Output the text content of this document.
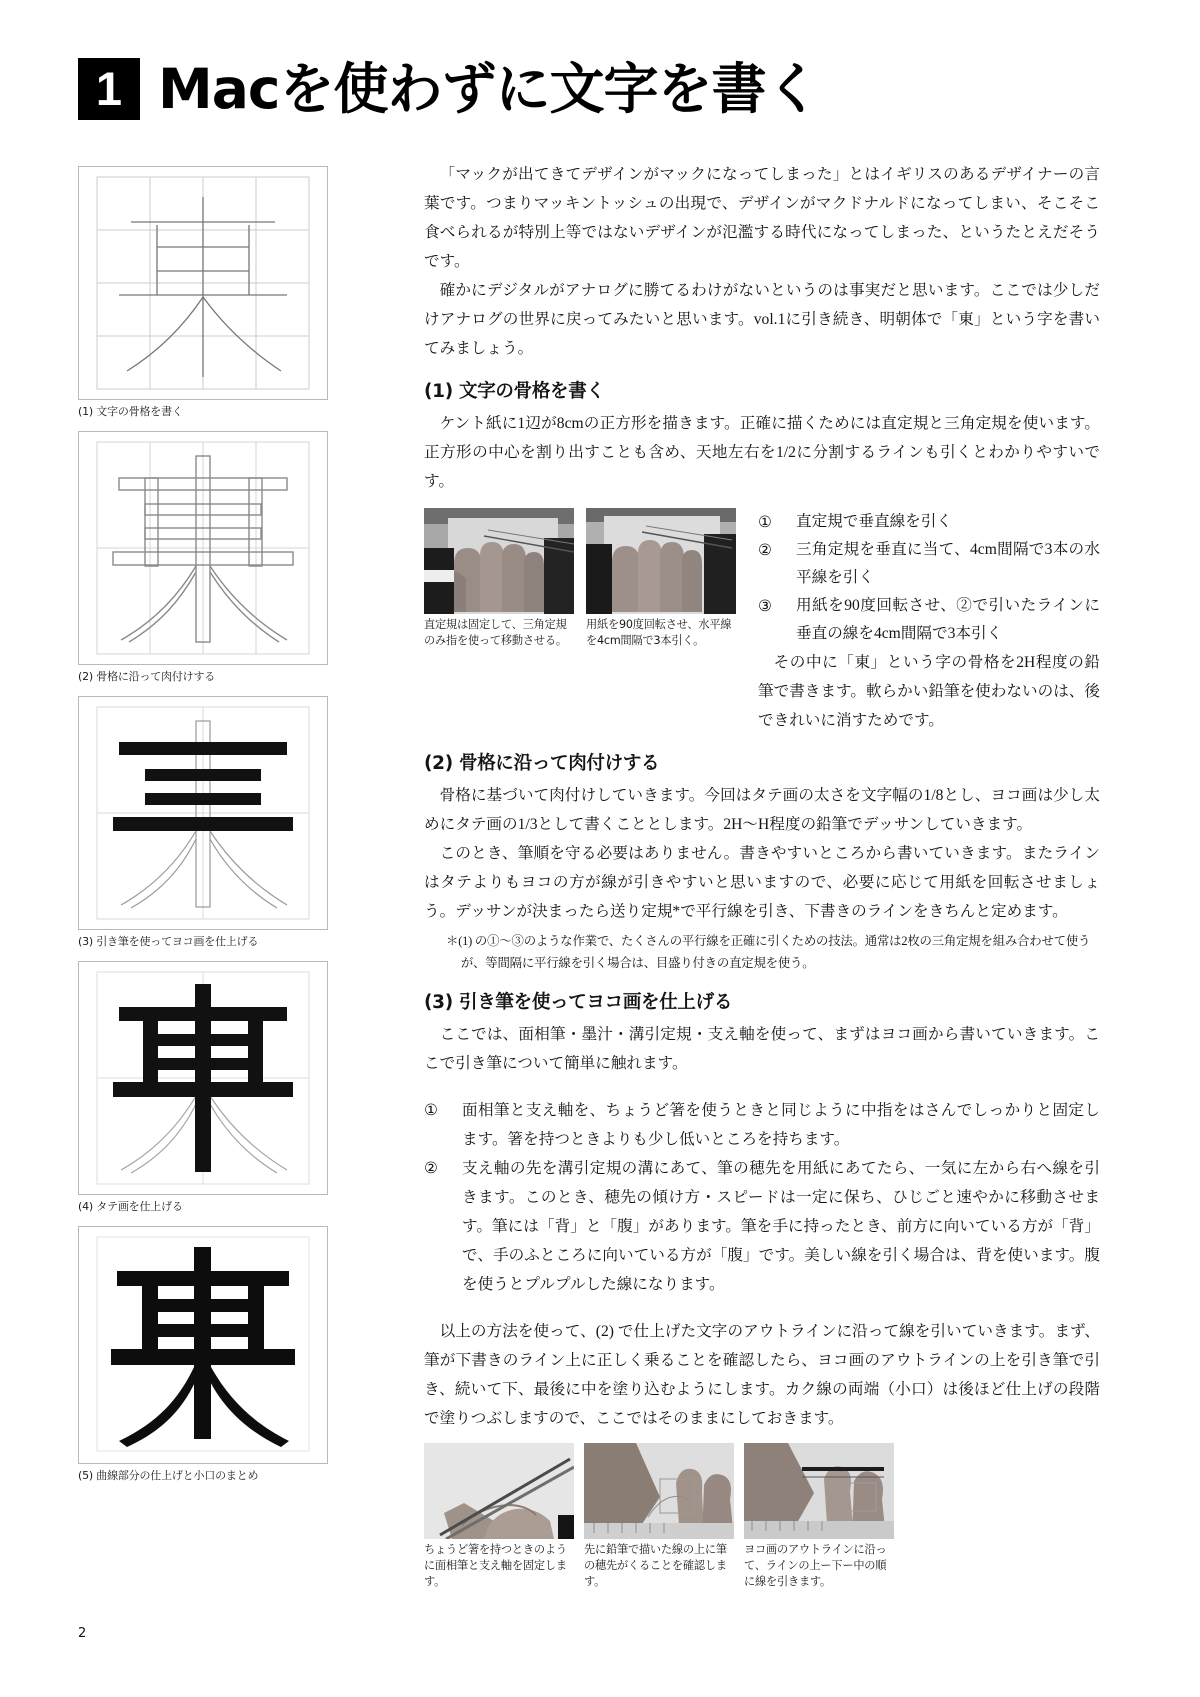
1 Macを使わずに文字を書く
(1) 文字の骨格を書く
(2) 骨格に沿って肉付けする
(3) 引き筆を使ってヨコ画を仕上げる
(4) タテ画を仕上げる
(5) 曲線部分の仕上げと小口のまとめ

「マックが出てきてデザインがマックになってしまった」とはイギリスのあるデザイナーの言葉です。つまりマッキントッシュの出現で、デザインがマクドナルドになってしまい、そこそこ食べられるが特別上等ではないデザインが氾濫する時代になってしまった、というたとえだそうです。

確かにデジタルがアナログに勝てるわけがないというのは事実だと思います。ここでは少しだけアナログの世界に戻ってみたいと思います。vol.1に引き続き、明朝体で「東」という字を書いてみましょう。

(1) 文字の骨格を書く

ケント紙に1辺が8cmの正方形を描きます。正確に描くためには直定規と三角定規を使います。正方形の中心を割り出すことも含め、天地左右を1/2に分割するラインも引くとわかりやすいです。

直定規は固定して、三角定規のみ指を使って移動させる。
用紙を90度回転させ、水平線を4cm間隔で3本引く。
① 直定規で垂直線を引く
② 三角定規を垂直に当て、4cm間隔で3本の水平線を引く
③ 用紙を90度回転させ、②で引いたラインに垂直の線を4cm間隔で3本引く

その中に「東」という字の骨格を2H程度の鉛筆で書きます。軟らかい鉛筆を使わないのは、後できれいに消すためです。

(2) 骨格に沿って肉付けする

骨格に基づいて肉付けしていきます。今回はタテ画の太さを文字幅の1/8とし、ヨコ画は少し太めにタテ画の1/3として書くこととします。2H〜H程度の鉛筆でデッサンしていきます。

このとき、筆順を守る必要はありません。書きやすいところから書いていきます。またラインはタテよりもヨコの方が線が引きやすいと思いますので、必要に応じて用紙を回転させましょう。デッサンが決まったら送り定規*で平行線を引き、下書きのラインをきちんと定めます。

＊(1) の①〜③のような作業で、たくさんの平行線を正確に引くための技法。通常は2枚の三角定規を組み合わせて使う
が、等間隔に平行線を引く場合は、目盛り付きの直定規を使う。
(3) 引き筆を使ってヨコ画を仕上げる

ここでは、面相筆・墨汁・溝引定規・支え軸を使って、まずはヨコ画から書いていきます。ここで引き筆について簡単に触れます。

① 面相筆と支え軸を、ちょうど箸を使うときと同じように中指をはさんでしっかりと固定します。箸を持つときよりも少し低いところを持ちます。
② 支え軸の先を溝引定規の溝にあて、筆の穂先を用紙にあてたら、一気に左から右へ線を引きます。このとき、穂先の傾け方・スピードは一定に保ち、ひじごと速やかに移動させます。筆には「背」と「腹」があります。筆を手に持ったとき、前方に向いている方が「背」で、手のふところに向いている方が「腹」です。美しい線を引く場合は、背を使います。腹を使うとプルプルした線になります。

以上の方法を使って、(2) で仕上げた文字のアウトラインに沿って線を引いていきます。まず、筆が下書きのライン上に正しく乗ることを確認したら、ヨコ画のアウトラインの上を引き筆で引き、続いて下、最後に中を塗り込むようにします。カク線の両端（小口）は後ほど仕上げの段階で塗りつぶしますので、ここではそのままにしておきます。

ちょうど箸を持つときのように面相筆と支え軸を固定します。
先に鉛筆で描いた線の上に筆の穂先がくることを確認します。
ヨコ画のアウトラインに沿って、ラインの上ー下ー中の順に線を引きます。
2
